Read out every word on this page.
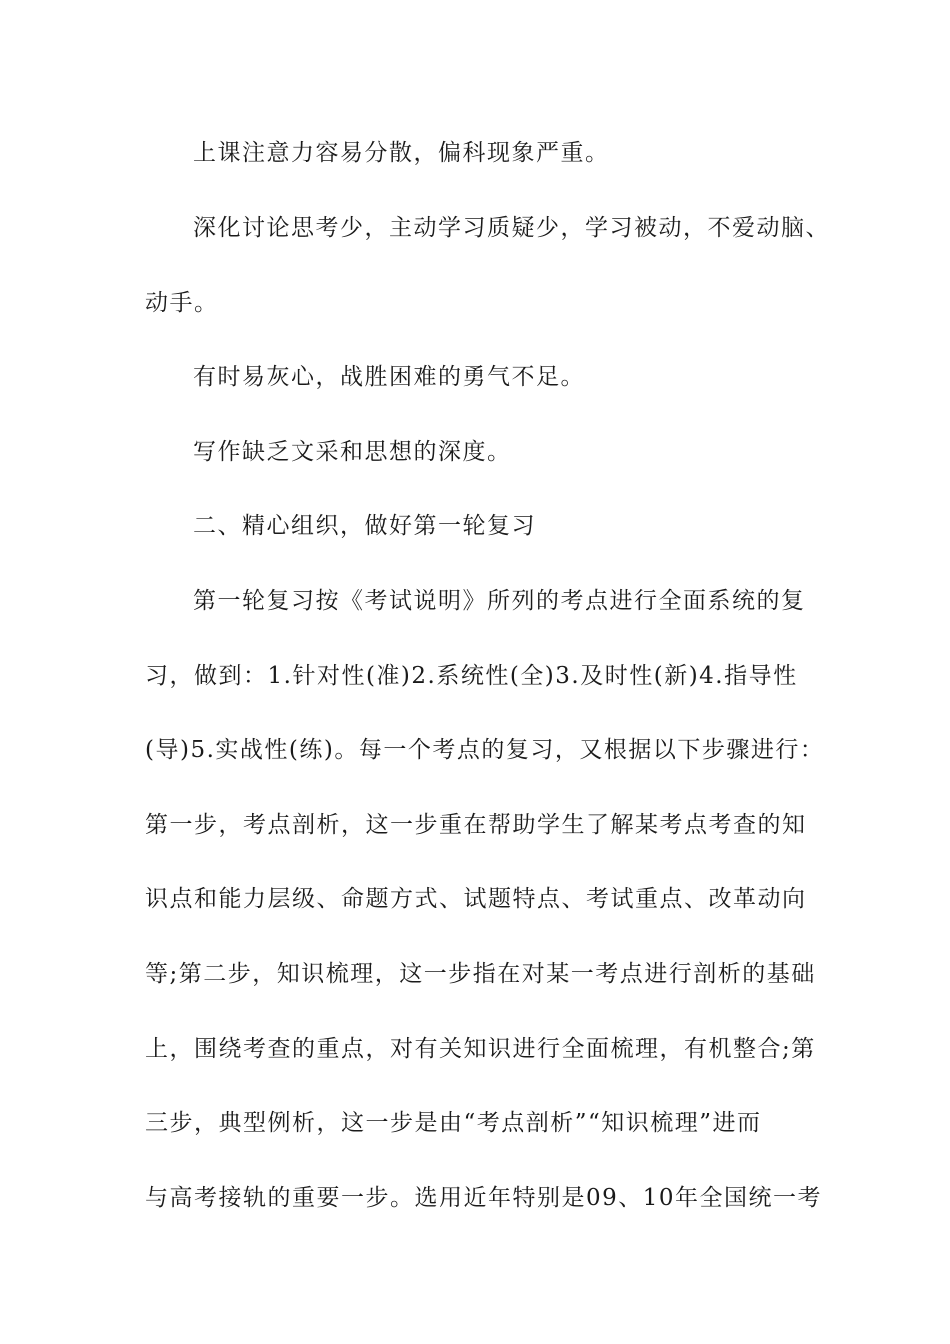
上课注意力容易分散，偏科现象严重。
深化讨论思考少，主动学习质疑少，学习被动，不爱动脑、
动手。
有时易灰心，战胜困难的勇气不足。
写作缺乏文采和思想的深度。
二、精心组织，做好第一轮复习
第一轮复习按《考试说明》所列的考点进行全面系统的复
习，做到：1.针对性(准)2.系统性(全)3.及时性(新)4.指导性
(导)5.实战性(练)。每一个考点的复习，又根据以下步骤进行：
第一步，考点剖析，这一步重在帮助学生了解某考点考查的知
识点和能力层级、命题方式、试题特点、考试重点、改革动向
等;第二步，知识梳理，这一步指在对某一考点进行剖析的基础
上，围绕考查的重点，对有关知识进行全面梳理，有机整合;第
三步，典型例析，这一步是由“考点剖析”“知识梳理”进而
与高考接轨的重要一步。选用近年特别是09、10年全国统一考
